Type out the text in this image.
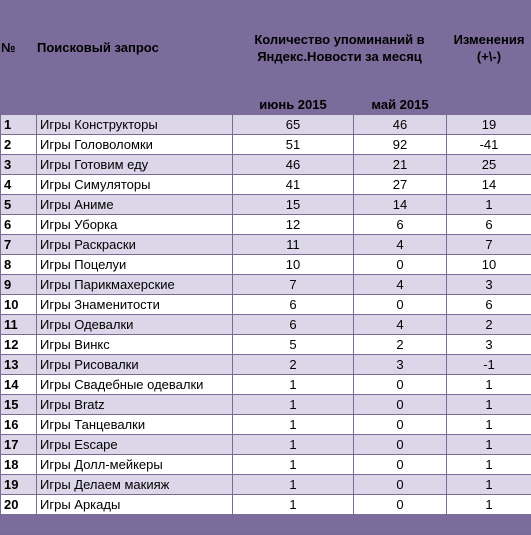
№	Поисковый запрос	Количество упоминаний в Яндекс.Новости за месяц		Изменения (+\-)
		июнь 2015	май 2015	
1	Игры Конструкторы	65	46	19
2	Игры Головоломки	51	92	-41
3	Игры Готовим еду	46	21	25
4	Игры Симуляторы	41	27	14
5	Игры Аниме	15	14	1
6	Игры Уборка	12	6	6
7	Игры Раскраски	11	4	7
8	Игры Поцелуи	10	0	10
9	Игры Парикмахерские	7	4	3
10	Игры Знаменитости	6	0	6
11	Игры Одевалки	6	4	2
12	Игры Винкс	5	2	3
13	Игры Рисовалки	2	3	-1
14	Игры Свадебные одевалки	1	0	1
15	Игры Bratz	1	0	1
16	Игры Танцевалки	1	0	1
17	Игры Escape	1	0	1
18	Игры Долл-мейкеры	1	0	1
19	Игры Делаем макияж	1	0	1
20	Игры Аркады	1	0	1
